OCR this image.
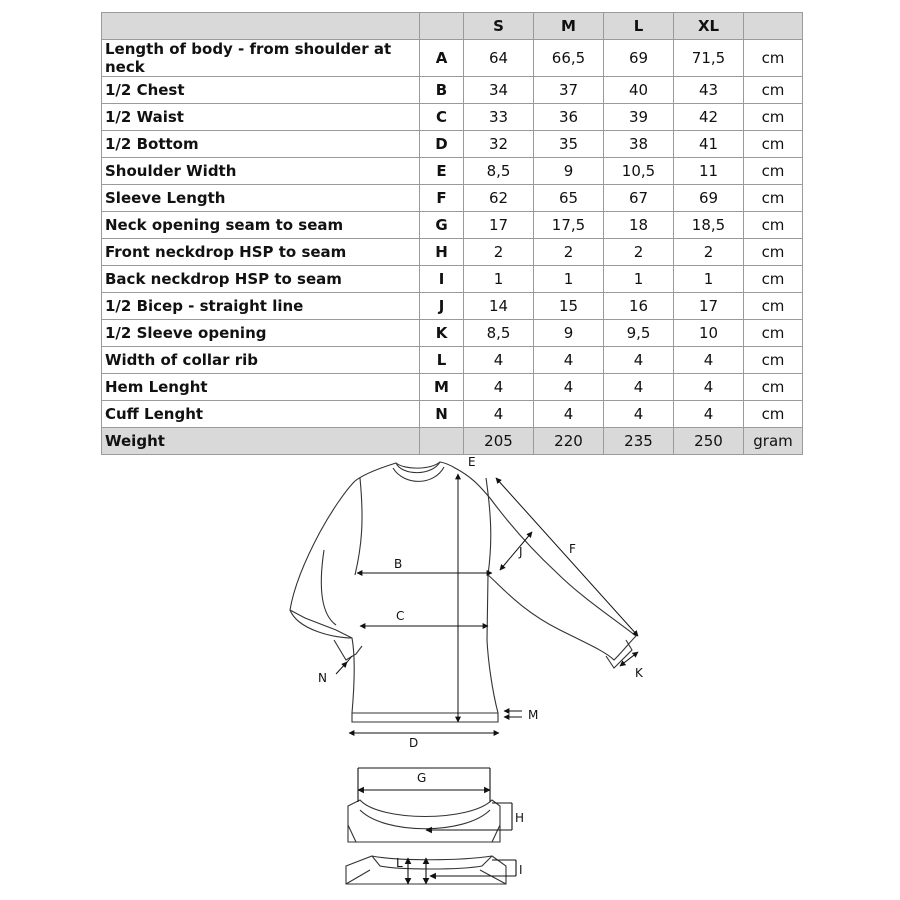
		S	M	L	XL	
Length of body - from shoulder at neck	A	64	66,5	69	71,5	cm
1/2 Chest	B	34	37	40	43	cm
1/2 Waist	C	33	36	39	42	cm
1/2 Bottom	D	32	35	38	41	cm
Shoulder Width	E	8,5	9	10,5	11	cm
Sleeve Length	F	62	65	67	69	cm
Neck opening seam to seam	G	17	17,5	18	18,5	cm
Front neckdrop HSP to seam	H	2	2	2	2	cm
Back neckdrop HSP to seam	I	1	1	1	1	cm
1/2 Bicep - straight line	J	14	15	16	17	cm
1/2 Sleeve opening	K	8,5	9	9,5	10	cm
Width of collar rib	L	4	4	4	4	cm
Hem Lenght	M	4	4	4	4	cm
Cuff Lenght	N	4	4	4	4	cm
Weight		205	220	235	250	gram
E
B
C
D
F
J
K
M
N
G
H
L	I
